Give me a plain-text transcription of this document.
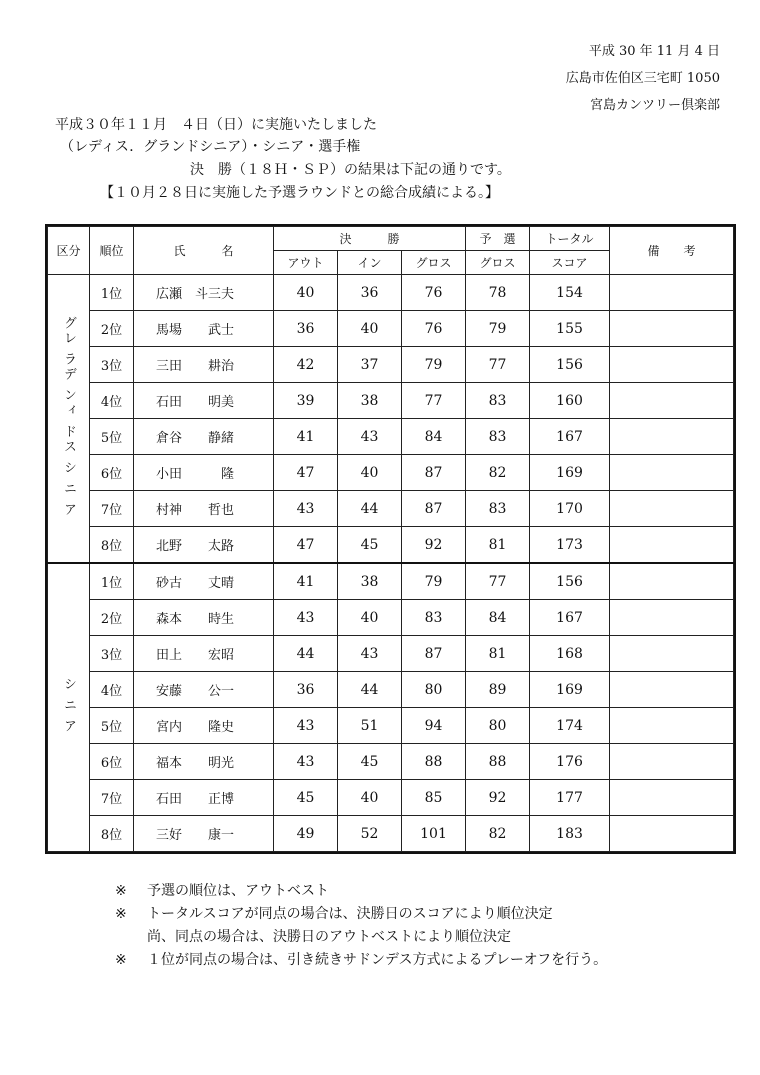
平成 30 年 11 月 4 日
広島市佐伯区三宅町 1050
宮島カンツリー倶楽部
平成３０年１１月　４日（日）に実施いたしました
（レディス．グランドシニア）・シニア・選手権
決　勝（１８Ｈ・ＳＰ）の結果は下記の通りです。
【１０月２８日に実施した予選ラウンドとの総合成績による。】
区分	順位	氏　　　名	決　　　勝			予　選	トータル	備　　考
			アウト	イン	グロス	グロス	スコア	
グレ ラデ ンィ ドス シ ニ ア	1位	広瀬　斗三夫	40	36	76	78	154	
	2位	馬場　　武士	36	40	76	79	155	
	3位	三田　　耕治	42	37	79	77	156	
	4位	石田　　明美	39	38	77	83	160	
	5位	倉谷　　静緒	41	43	84	83	167	
	6位	小田　　　隆	47	40	87	82	169	
	7位	村神　　哲也	43	44	87	83	170	
	8位	北野　　太路	47	45	92	81	173	
シ ニ ア	1位	砂古　　丈晴	41	38	79	77	156	
	2位	森本　　時生	43	40	83	84	167	
	3位	田上　　宏昭	44	43	87	81	168	
	4位	安藤　　公一	36	44	80	89	169	
	5位	宮内　　隆史	43	51	94	80	174	
	6位	福本　　明光	43	45	88	88	176	
	7位	石田　　正博	45	40	85	92	177	
	8位	三好　　康一	49	52	101	82	183	
※ 予選の順位は、アウトベスト
※ トータルスコアが同点の場合は、決勝日のスコアにより順位決定
尚、同点の場合は、決勝日のアウトベストにより順位決定
※ １位が同点の場合は、引き続きサドンデス方式によるプレーオフを行う。
